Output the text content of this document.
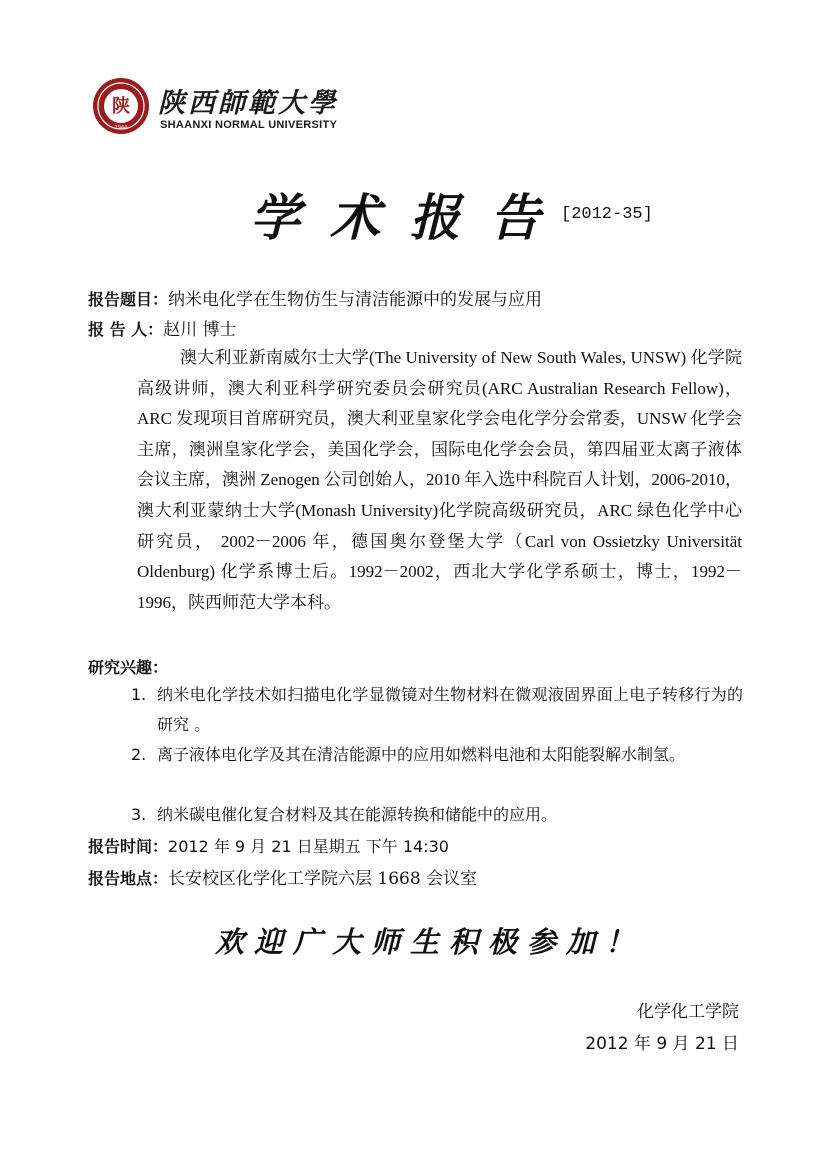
陕
1944
陕西師範大學
SHAANXI NORMAL UNIVERSITY
学术报告
[2012-35]
报告题目：纳米电化学在生物仿生与清洁能源中的发展与应用
报 告 人：赵川 博士
澳大利亚新南威尔士大学(The University of New South Wales, UNSW) 化学院高级讲师，澳大利亚科学研究委员会研究员(ARC Australian Research Fellow)，ARC 发现项目首席研究员，澳大利亚皇家化学会电化学分会常委，UNSW 化学会主席，澳洲皇家化学会，美国化学会，国际电化学会会员，第四届亚太离子液体会议主席，澳洲 Zenogen 公司创始人，2010 年入选中科院百人计划，2006-2010，澳大利亚蒙纳士大学(Monash University)化学院高级研究员，ARC 绿色化学中心研究员， 2002－2006 年，德国奥尔登堡大学（Carl von Ossietzky Universität Oldenburg) 化学系博士后。1992－2002，西北大学化学系硕士，博士，1992－1996，陕西师范大学本科。
研究兴趣：
1. 纳米电化学技术如扫描电化学显微镜对生物材料在微观液固界面上电子转移行为的研究 。
2. 离子液体电化学及其在清洁能源中的应用如燃料电池和太阳能裂解水制氢。
3. 纳米碳电催化复合材料及其在能源转换和储能中的应用。
报告时间：2012 年 9 月 21 日星期五 下午 14:30
报告地点：长安校区化学化工学院六层 1668 会议室
欢迎广大师生积极参加！
化学化工学院
2012 年 9 月 21 日
